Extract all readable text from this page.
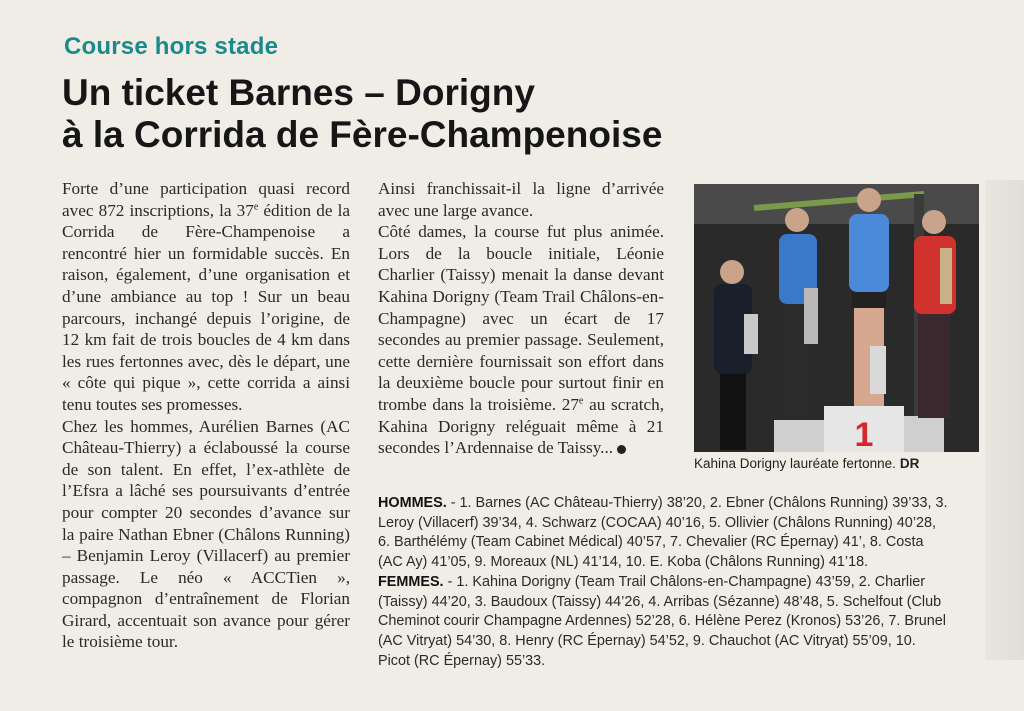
Course hors stade
Un ticket Barnes – Dorigny
à la Corrida de Fère-Champenoise

Forte d’une participation quasi record avec 872 inscriptions, la 37e édition de la Corrida de Fère-Champenoise a rencontré hier un formidable succès. En raison, également, d’une organisation et d’une ambiance au top ! Sur un beau parcours, inchangé depuis l’origine, de 12 km fait de trois boucles de 4 km dans les rues fertonnes avec, dès le départ, une « côte qui pique », cette corrida a ainsi tenu toutes ses promesses.

Chez les hommes, Aurélien Barnes (AC Château-Thierry) a éclaboussé la course de son talent. En effet, l’ex-athlète de l’Efsra a lâché ses poursuivants d’entrée pour compter 20 secondes d’avance sur la paire Nathan Ebner (Châlons Running) – Benjamin Leroy (Villacerf) au premier passage. Le néo « ACCTien », compagnon d’entraînement de Florian Girard, accentuait son avance pour gérer le troisième tour.

Ainsi franchissait-il la ligne d’arrivée avec une large avance.

Côté dames, la course fut plus animée. Lors de la boucle initiale, Léonie Charlier (Taissy) menait la danse devant Kahina Dorigny (Team Trail Châlons-en-Champagne) avec un écart de 17 secondes au premier passage. Seulement, cette dernière fournissait son effort dans la deuxième boucle pour surtout finir en trombe dans la troisième. 27e au scratch, Kahina Dorigny reléguait même à 21 secondes l’Ardennaise de Taissy...	1
Kahina Dorigny lauréate fertonne. DR

HOMMES. - 1. Barnes (AC Château-Thierry) 38’20, 2. Ebner (Châlons Running) 39’33, 3. Leroy (Villacerf) 39’34, 4. Schwarz (COCAA) 40’16, 5. Ollivier (Châlons Running) 40’28, 6. Barthélémy (Team Cabinet Médical) 40’57, 7. Chevalier (RC Épernay) 41’, 8. Costa (AC Ay) 41’05, 9. Moreaux (NL) 41’14, 10. E. Koba (Châlons Running) 41’18.

FEMMES. - 1. Kahina Dorigny (Team Trail Châlons-en-Champagne) 43’59, 2. Charlier (Taissy) 44’20, 3. Baudoux (Taissy) 44’26, 4. Arribas (Sézanne) 48’48, 5. Schelfout (Club Cheminot courir Champagne Ardennes) 52’28, 6. Hélène Perez (Kronos) 53’26, 7. Brunel (AC Vitryat) 54’30, 8. Henry (RC Épernay) 54’52, 9. Chauchot (AC Vitryat) 55’09, 10. Picot (RC Épernay) 55’33.
